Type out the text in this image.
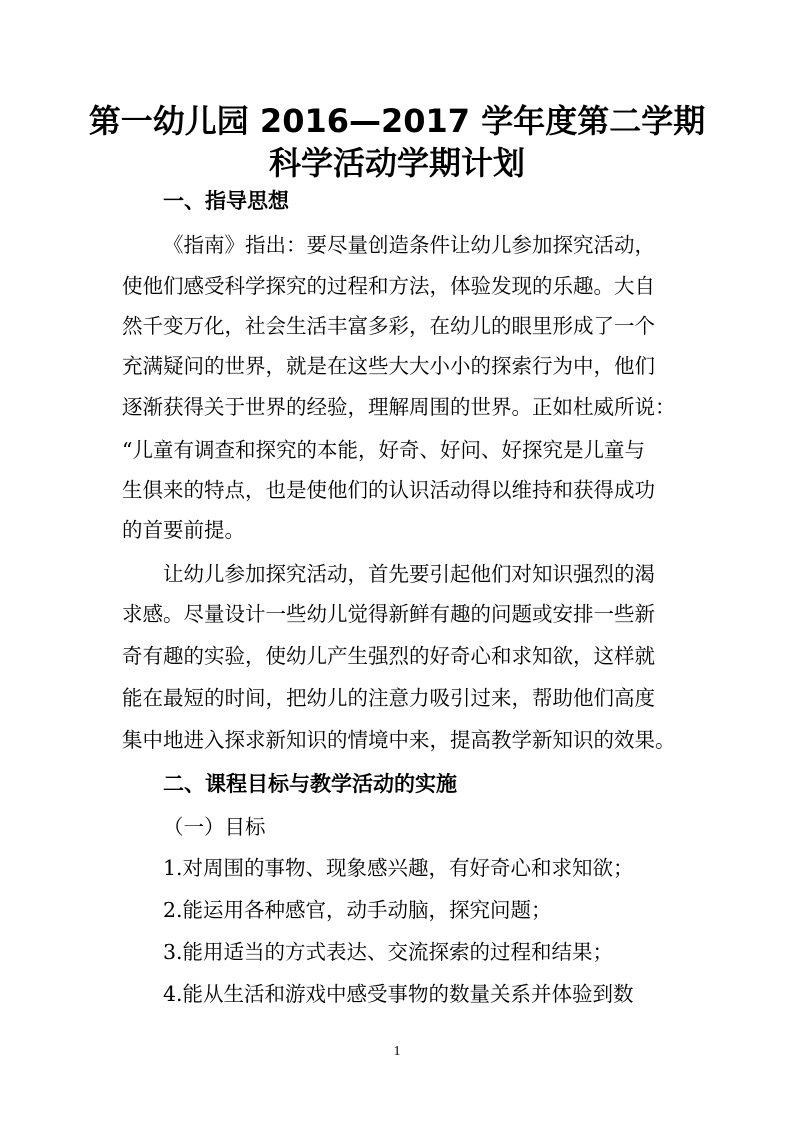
第一幼儿园 2016—2017 学年度第二学期
科学活动学期计划
一、指导思想
《指南》指出：要尽量创造条件让幼儿参加探究活动，
使他们感受科学探究的过程和方法，体验发现的乐趣。大自
然千变万化，社会生活丰富多彩，在幼儿的眼里形成了一个
充满疑问的世界，就是在这些大大小小的探索行为中，他们
逐渐获得关于世界的经验，理解周围的世界。正如杜威所说：
“儿童有调查和探究的本能，好奇、好问、好探究是儿童与
生俱来的特点，也是使他们的认识活动得以维持和获得成功
的首要前提。
让幼儿参加探究活动，首先要引起他们对知识强烈的渴
求感。尽量设计一些幼儿觉得新鲜有趣的问题或安排一些新
奇有趣的实验，使幼儿产生强烈的好奇心和求知欲，这样就
能在最短的时间，把幼儿的注意力吸引过来，帮助他们高度
集中地进入探求新知识的情境中来，提高教学新知识的效果。
二、课程目标与教学活动的实施
（一）目标
1.对周围的事物、现象感兴趣，有好奇心和求知欲；
2.能运用各种感官，动手动脑，探究问题；
3.能用适当的方式表达、交流探索的过程和结果；
4.能从生活和游戏中感受事物的数量关系并体验到数
1
